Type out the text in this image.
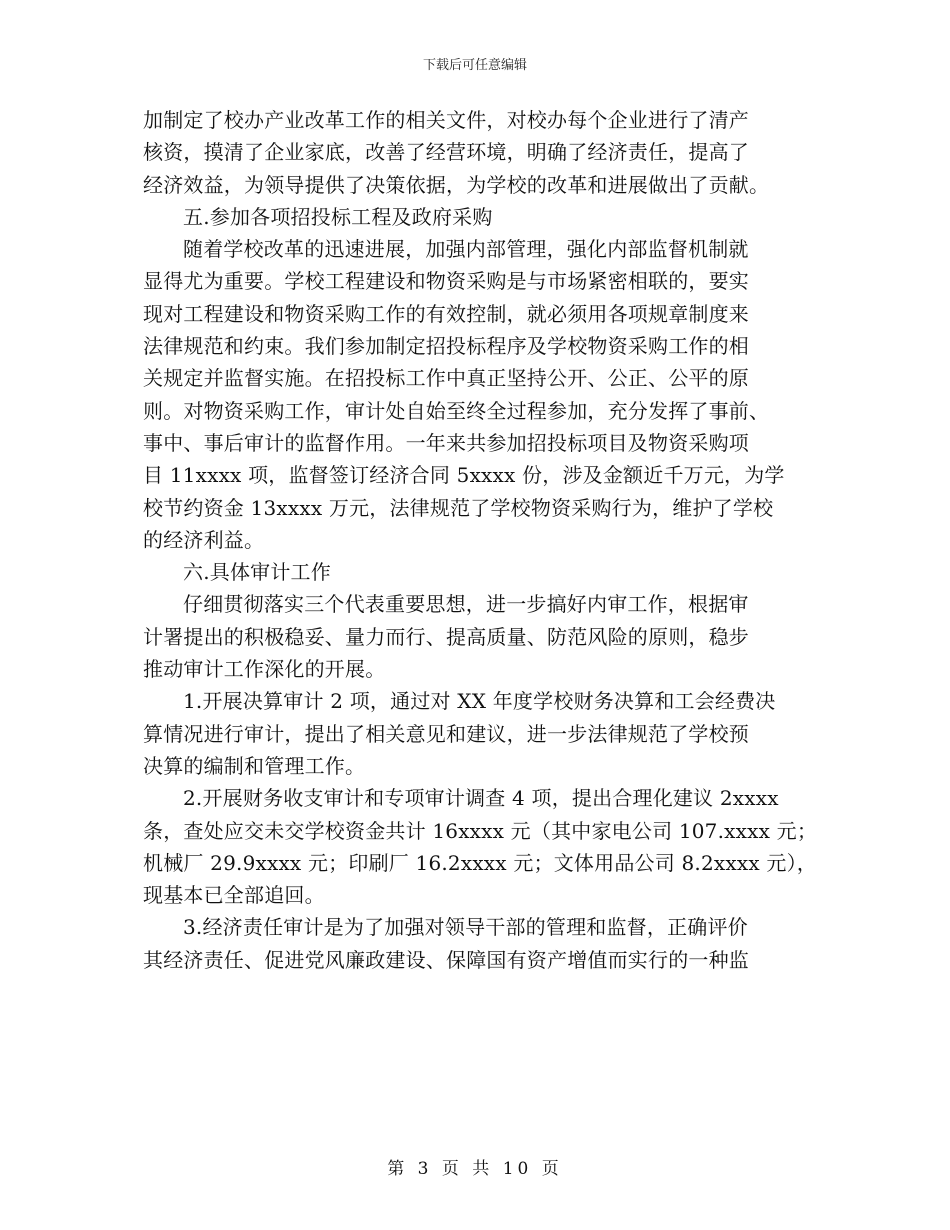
下载后可任意编辑
加制定了校办产业改革工作的相关文件，对校办每个企业进行了清产
核资，摸清了企业家底，改善了经营环境，明确了经济责任，提高了
经济效益，为领导提供了决策依据，为学校的改革和进展做出了贡献。
五.参加各项招投标工程及政府采购
随着学校改革的迅速进展，加强内部管理，强化内部监督机制就
显得尤为重要。学校工程建设和物资采购是与市场紧密相联的，要实
现对工程建设和物资采购工作的有效控制，就必须用各项规章制度来
法律规范和约束。我们参加制定招投标程序及学校物资采购工作的相
关规定并监督实施。在招投标工作中真正坚持公开、公正、公平的原
则。对物资采购工作，审计处自始至终全过程参加，充分发挥了事前、
事中、事后审计的监督作用。一年来共参加招投标项目及物资采购项
目 11xxxx 项，监督签订经济合同 5xxxx 份，涉及金额近千万元，为学
校节约资金 13xxxx 万元，法律规范了学校物资采购行为，维护了学校
的经济利益。
六.具体审计工作
仔细贯彻落实三个代表重要思想，进一步搞好内审工作，根据审
计署提出的积极稳妥、量力而行、提高质量、防范风险的原则，稳步
推动审计工作深化的开展。
1.开展决算审计 2 项，通过对 XX 年度学校财务决算和工会经费决
算情况进行审计，提出了相关意见和建议，进一步法律规范了学校预
决算的编制和管理工作。
2.开展财务收支审计和专项审计调查 4 项，提出合理化建议 2xxxx
条，查处应交未交学校资金共计 16xxxx 元（其中家电公司 107.xxxx 元；
机械厂 29.9xxxx 元；印刷厂 16.2xxxx 元；文体用品公司 8.2xxxx 元），
现基本已全部追回。
3.经济责任审计是为了加强对领导干部的管理和监督，正确评价
其经济责任、促进党风廉政建设、保障国有资产增值而实行的一种监
第 3 页 共 10 页
